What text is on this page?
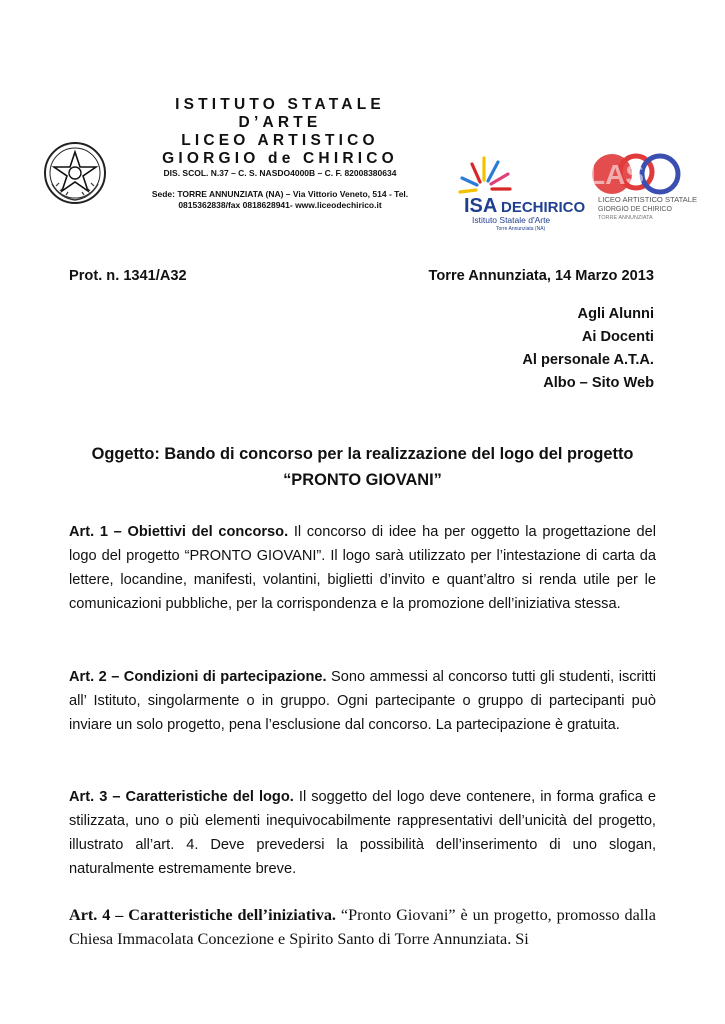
ISTITUTO STATALE
D’ARTE
LICEO ARTISTICO
GIORGIO de CHIRICO
DIS. SCOL. N.37 – C. S. NASDO4000B – C. F. 82008380634
Sede: TORRE ANNUNZIATA (NA) – Via Vittorio Veneto, 514 - Tel.
0815362838/fax 0818628941- www.liceodechirico.it	ISA DECHIRICO
Istituto Statale d'Arte
Torre Annunziata (NA)
LAS
LICEO ARTISTICO STATALE
GIORGIO DE CHIRICO
TORRE ANNUNZIATA
Prot. n. 1341/A32	Torre Annunziata, 14 Marzo 2013
Agli Alunni
Ai Docenti
Al personale A.T.A.
Albo – Sito Web
Oggetto: Bando di concorso per la realizzazione del logo del progetto
“PRONTO GIOVANI”
Art. 1 – Obiettivi del concorso. Il concorso di idee ha per oggetto la progettazione del logo del progetto “PRONTO GIOVANI”. Il logo sarà utilizzato per l’intestazione di carta da lettere, locandine, manifesti, volantini, biglietti d’invito e quant’altro si renda utile per le comunicazioni pubbliche, per la corrispondenza e la promozione dell’iniziativa stessa.
Art. 2 – Condizioni di partecipazione. Sono ammessi al concorso tutti gli studenti, iscritti all’ Istituto, singolarmente o in gruppo. Ogni partecipante o gruppo di partecipanti può inviare un solo progetto, pena l’esclusione dal concorso. La partecipazione è gratuita.
Art. 3 – Caratteristiche del logo. Il soggetto del logo deve contenere, in forma grafica e stilizzata, uno o più elementi inequivocabilmente rappresentativi dell’unicità del progetto, illustrato all’art. 4. Deve prevedersi la possibilità dell’inserimento di uno slogan, naturalmente estremamente breve.
Art. 4 – Caratteristiche dell’iniziativa. “Pronto Giovani” è un progetto, promosso dalla Chiesa Immacolata Concezione e Spirito Santo di Torre Annunziata. Si
